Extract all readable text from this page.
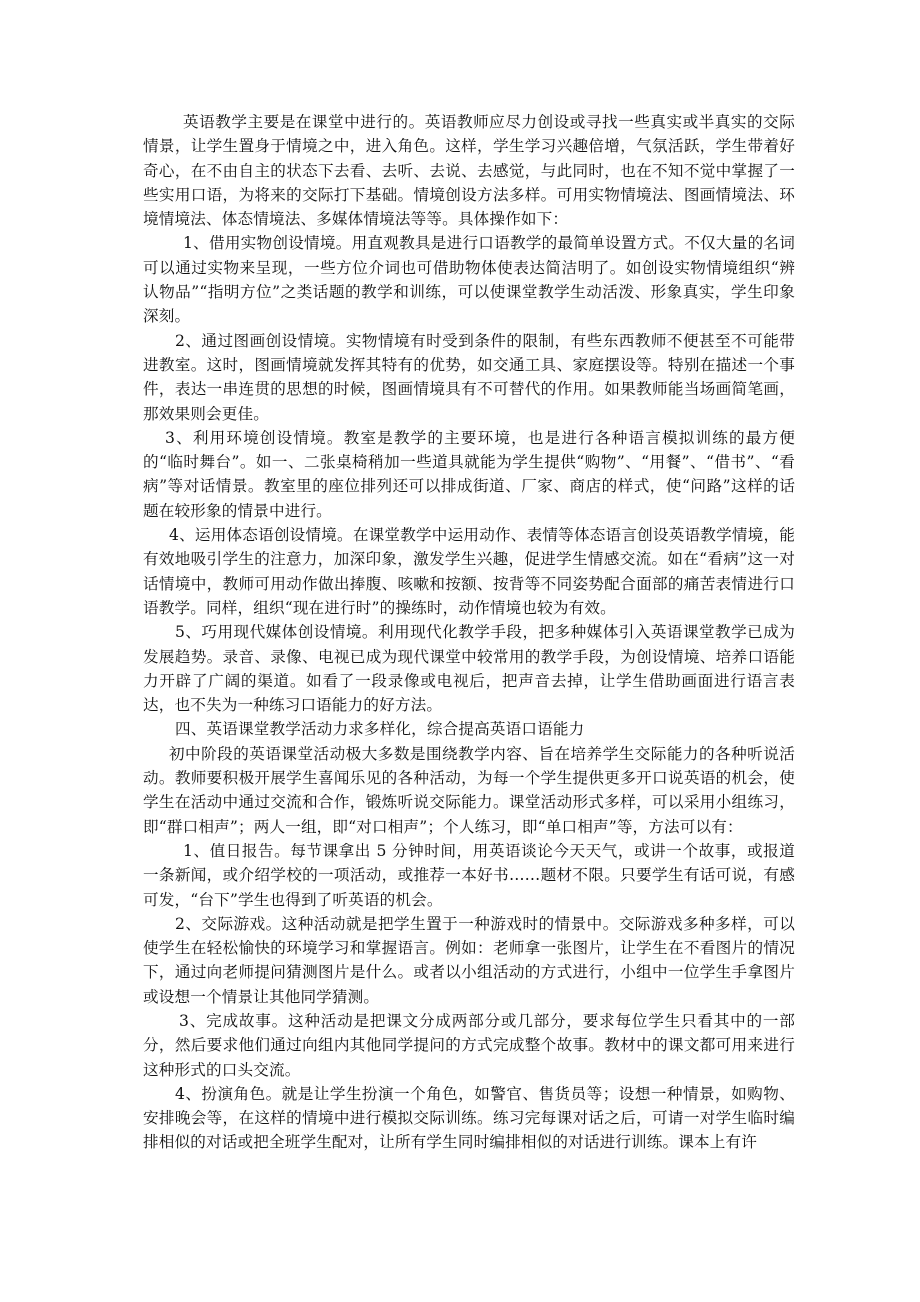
英语教学主要是在课堂中进行的。英语教师应尽力创设或寻找一些真实或半真实的交际情景，让学生置身于情境之中，进入角色。这样，学生学习兴趣倍增，气氛活跃，学生带着好奇心，在不由自主的状态下去看、去听、去说、去感觉，与此同时，也在不知不觉中掌握了一些实用口语，为将来的交际打下基础。情境创设方法多样。可用实物情境法、图画情境法、环境情境法、体态情境法、多媒体情境法等等。具体操作如下：

1、借用实物创设情境。用直观教具是进行口语教学的最简单设置方式。不仅大量的名词可以通过实物来呈现，一些方位介词也可借助物体使表达简洁明了。如创设实物情境组织“辨认物品”“指明方位”之类话题的教学和训练，可以使课堂教学生动活泼、形象真实，学生印象深刻。

2、通过图画创设情境。实物情境有时受到条件的限制，有些东西教师不便甚至不可能带进教室。这时，图画情境就发挥其特有的优势，如交通工具、家庭摆设等。特别在描述一个事件，表达一串连贯的思想的时候，图画情境具有不可替代的作用。如果教师能当场画简笔画，那效果则会更佳。

3、利用环境创设情境。教室是教学的主要环境，也是进行各种语言模拟训练的最方便的“临时舞台”。如一、二张桌椅稍加一些道具就能为学生提供“购物”、“用餐”、“借书”、“看病”等对话情景。教室里的座位排列还可以排成街道、厂家、商店的样式，使“问路”这样的话题在较形象的情景中进行。

4、运用体态语创设情境。在课堂教学中运用动作、表情等体态语言创设英语教学情境，能有效地吸引学生的注意力，加深印象，激发学生兴趣，促进学生情感交流。如在“看病”这一对话情境中，教师可用动作做出捧腹、咳嗽和按额、按背等不同姿势配合面部的痛苦表情进行口语教学。同样，组织“现在进行时”的操练时，动作情境也较为有效。

5、巧用现代媒体创设情境。利用现代化教学手段，把多种媒体引入英语课堂教学已成为发展趋势。录音、录像、电视已成为现代课堂中较常用的教学手段，为创设情境、培养口语能力开辟了广阔的渠道。如看了一段录像或电视后，把声音去掉，让学生借助画面进行语言表达，也不失为一种练习口语能力的好方法。

四、英语课堂教学活动力求多样化，综合提高英语口语能力

初中阶段的英语课堂活动极大多数是围绕教学内容、旨在培养学生交际能力的各种听说活动。教师要积极开展学生喜闻乐见的各种活动，为每一个学生提供更多开口说英语的机会，使学生在活动中通过交流和合作，锻炼听说交际能力。课堂活动形式多样，可以采用小组练习，即“群口相声”；两人一组，即“对口相声”；个人练习，即“单口相声”等，方法可以有：

1、值日报告。每节课拿出 5 分钟时间，用英语谈论今天天气，或讲一个故事，或报道一条新闻，或介绍学校的一项活动，或推荐一本好书……题材不限。只要学生有话可说，有感可发，“台下”学生也得到了听英语的机会。

2、交际游戏。这种活动就是把学生置于一种游戏时的情景中。交际游戏多种多样，可以使学生在轻松愉快的环境学习和掌握语言。例如：老师拿一张图片，让学生在不看图片的情况下，通过向老师提问猜测图片是什么。或者以小组活动的方式进行，小组中一位学生手拿图片或设想一个情景让其他同学猜测。

3、完成故事。这种活动是把课文分成两部分或几部分，要求每位学生只看其中的一部分，然后要求他们通过向组内其他同学提问的方式完成整个故事。教材中的课文都可用来进行这种形式的口头交流。

4、扮演角色。就是让学生扮演一个角色，如警官、售货员等；设想一种情景，如购物、安排晚会等，在这样的情境中进行模拟交际训练。练习完每课对话之后，可请一对学生临时编排相似的对话或把全班学生配对，让所有学生同时编排相似的对话进行训练。课本上有许
